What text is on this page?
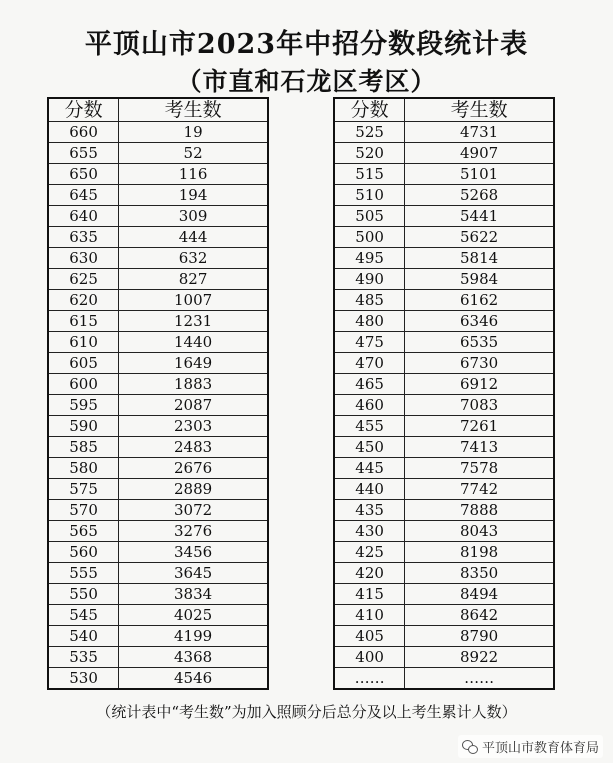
平顶山市2023年中招分数段统计表
（市直和石龙区考区）
分数	考生数
660	19
655	52
650	116
645	194
640	309
635	444
630	632
625	827
620	1007
615	1231
610	1440
605	1649
600	1883
595	2087
590	2303
585	2483
580	2676
575	2889
570	3072
565	3276
560	3456
555	3645
550	3834
545	4025
540	4199
535	4368
530	4546
分数	考生数
525	4731
520	4907
515	5101
510	5268
505	5441
500	5622
495	5814
490	5984
485	6162
480	6346
475	6535
470	6730
465	6912
460	7083
455	7261
450	7413
445	7578
440	7742
435	7888
430	8043
425	8198
420	8350
415	8494
410	8642
405	8790
400	8922
……	……
（统计表中“考生数”为加入照顾分后总分及以上考生累计人数）
平顶山市教育体育局
